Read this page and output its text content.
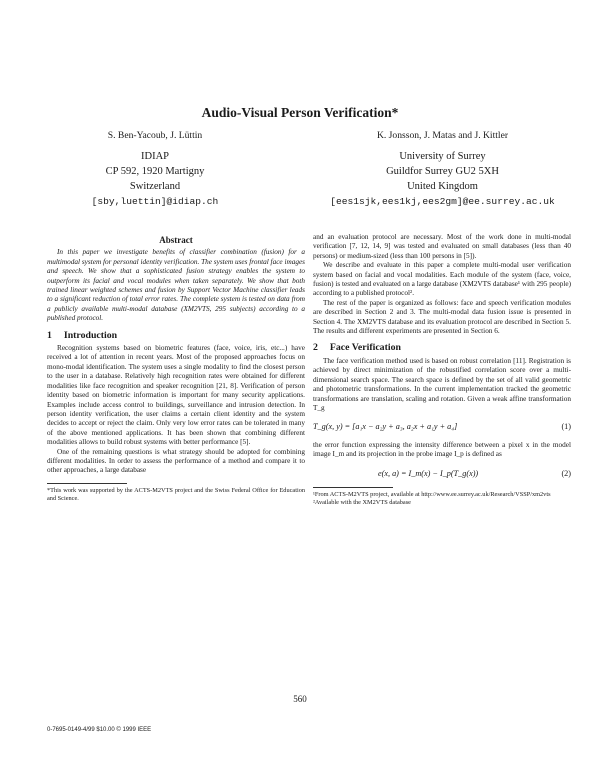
Audio-Visual Person Verification*
S. Ben-Yacoub, J. Lüttin
IDIAP
CP 592, 1920 Martigny
Switzerland
[sby,luettin]@idiap.ch
K. Jonsson, J. Matas and J. Kittler
University of Surrey
Guildfor Surrey GU2 5XH
United Kingdom
[ees1sjk,ees1kj,ees2gm]@ee.surrey.ac.uk
Abstract

In this paper we investigate benefits of classifier combination (fusion) for a multimodal system for personal identity verification. The system uses frontal face images and speech. We show that a sophisticated fusion strategy enables the system to outperform its facial and vocal modules when taken separately. We show that both trained linear weighted schemes and fusion by Support Vector Machine classifier leads to a significant reduction of total error rates. The complete system is tested on data from a publicly available multi-modal database (XM2VTS, 295 subjects) according to a published protocol.

1 Introduction

Recognition systems based on biometric features (face, voice, iris, etc...) have received a lot of attention in recent years. Most of the proposed approaches focus on mono-modal identification. The system uses a single modality to find the closest person to the user in a database. Relatively high recognition rates were obtained for different modalities like face recognition and speaker recognition [21, 8]. Verification of person identity based on biometric information is important for many security applications. Examples include access control to buildings, surveillance and intrusion detection. In person identity verification, the user claims a certain client identity and the system decides to accept or reject the claim. Only very low error rates can be tolerated in many of the above mentioned applications. It has been shown that combining different modalities allows to build robust systems with better performance [5].

One of the remaining questions is what strategy should be adopted for combining different modalities. In order to assess the performance of a method and compare it to other approaches, a large database

*This work was supported by the ACTS-M2VTS project and the Swiss Federal Office for Education and Science.

and an evaluation protocol are necessary. Most of the work done in multi-modal verification [7, 12, 14, 9] was tested and evaluated on small databases (less than 40 persons) or medium-sized (less than 100 persons in [5]).

We describe and evaluate in this paper a complete multi-modal user verification system based on facial and vocal modalities. Each module of the system (face, voice, fusion) is tested and evaluated on a large database (XM2VTS database¹ with 295 people) according to a published protocol².

The rest of the paper is organized as follows: face and speech verification modules are described in Section 2 and 3. The multi-modal data fusion issue is presented in Section 4. The XM2VTS database and its evaluation protocol are described in Section 5. The results and different experiments are presented in Section 6.

2 Face Verification

The face verification method used is based on robust correlation [11]. Registration is achieved by direct minimization of the robustified correlation score over a multi-dimensional search space. The search space is defined by the set of all valid geometric and photometric transformations. In the current implementation tracked the geometric transformations are translation, scaling and rotation. Given a weak affine transformation T_g

T_g(x, y) = [a₁x − a₂y + a₃, a₂x + a₁y + a₄]	(1)

the error function expressing the intensity difference between a pixel x in the model image I_m and its projection in the probe image I_p is defined as

e(x, a) = I_m(x) − I_p(T_g(x))	(2)
¹From ACTS-M2VTS project, available at http://www.ee.surrey.ac.uk/Research/VSSP/xm2vts
²Available with the XM2VTS database
560
0-7695-0149-4/99 $10.00 © 1999 IEEE
